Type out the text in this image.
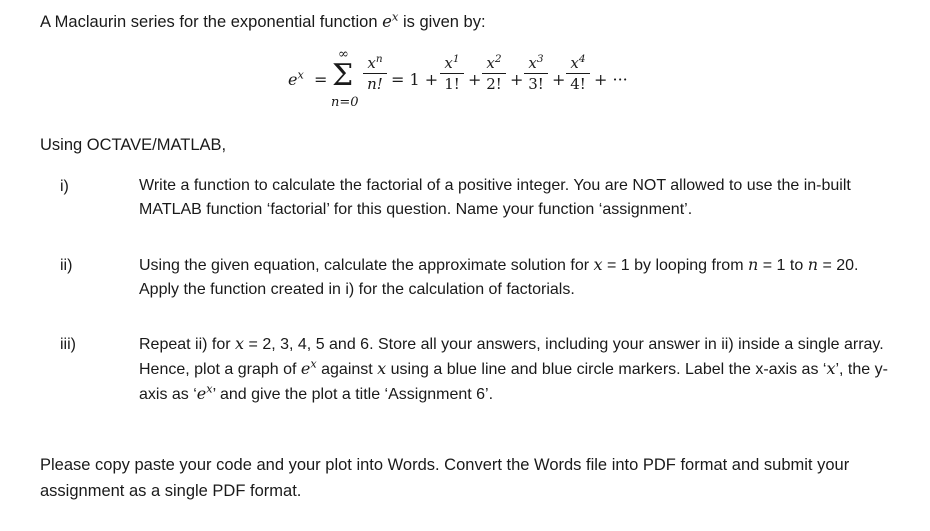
A Maclaurin series for the exponential function $e^x$ is given by:
$e^x$ =
∞
Σ
n=0
$x^n$
n! = 1 +
$x^1$
1! +
$x^2$
2! +
$x^3$
3! +
$x^4$
4! + ···
Using OCTAVE/MATLAB,
i)	Write a function to calculate the factorial of a positive integer. You are NOT allowed to use the in-built MATLAB function ‘factorial’ for this question. Name your function ‘assignment’.
ii)	Using the given equation, calculate the approximate solution for x = 1 by looping from n = 1 to n = 20. Apply the function created in i) for the calculation of factorials.
iii)	Repeat ii) for x = 2, 3, 4, 5 and 6. Store all your answers, including your answer in ii) inside a single array. Hence, plot a graph of $e^x$ against x using a blue line and blue circle markers. Label the x-axis as ‘x’, the y-axis as ‘$e^x$’ and give the plot a title ‘Assignment 6’.
Please copy paste your code and your plot into Words. Convert the Words file into PDF format and submit your assignment as a single PDF format.
